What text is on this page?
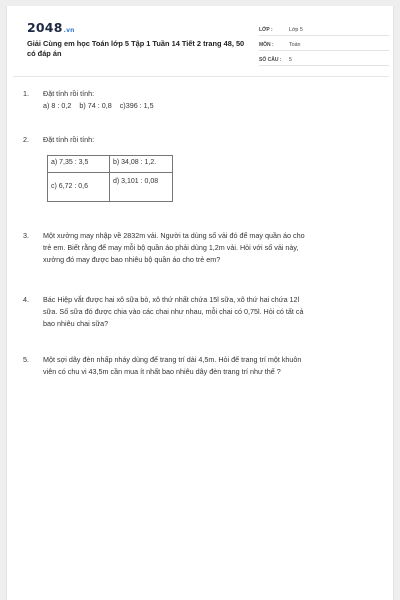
2048.vn
Giải Cùng em học Toán lớp 5 Tập 1 Tuần 14 Tiết 2 trang 48, 50 có đáp án
LỚP :	Lớp 5
MÔN :	Toán
SỐ CÂU :	5
1. Đặt tính rồi tính:
a) 8 : 0,2    b) 74 : 0,8    c)396 : 1,5
2. Đặt tính rồi tính:
a) 7,35 : 3,5	b) 34,08 : 1,2.
c) 6,72 : 0,6	d) 3,101 : 0,08
3. Một xưởng may nhập về 2832m vải. Người ta dùng số vải đó để may quần áo cho
trẻ em. Biết rằng để may mỗi bộ quần áo phải dùng 1,2m vải. Hỏi với số vải này,
xưởng đó may được bao nhiêu bộ quần áo cho trẻ em?
4. Bác Hiệp vắt được hai xô sữa bò, xô thứ nhất chứa 15l sữa, xô thứ hai chứa 12l
sữa. Số sữa đó được chia vào các chai như nhau, mỗi chai có 0,75l. Hỏi có tất cả
bao nhiêu chai sữa?
5. Một sợi dây đèn nhấp nháy dùng để trang trí dài 4,5m. Hỏi để trang trí một khuôn
viên có chu vi 43,5m cần mua ít nhất bao nhiêu dây đèn trang trí như thế ?
